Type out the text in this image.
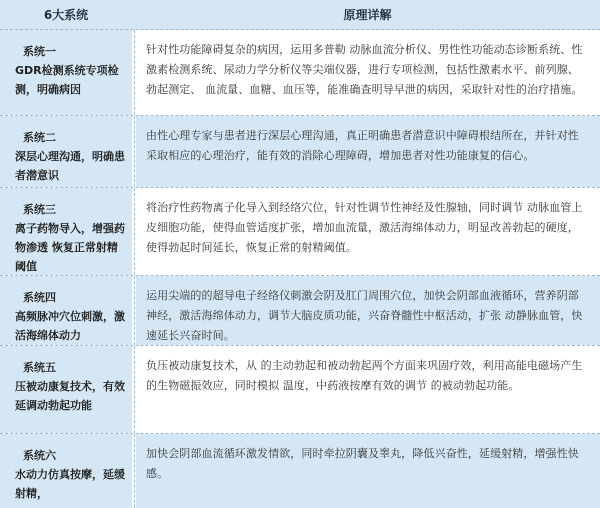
6大系统	原理详解
系统一
GDR检测系统专项检测，明确病因
针对性功能障碍复杂的病因，运用多普勒 动脉血流分析仪、男性性功能动态诊断系统、性激素检测系统、尿动力学分析仪等尖端仪器，进行专项检测，包括性激素水平、前列腺、勃起测定、 血流量、血糖、血压等，能准确查明导早泄的病因，采取针对性的治疗措施。
系统二
深层心理沟通，明确患者潜意识
由性心理专家与患者进行深层心理沟通，真正明确患者潜意识中障碍根结所在，并针对性采取相应的心理治疗，能有效的消除心理障碍，增加患者对性功能康复的信心。
系统三
离子药物导入，增强药物渗透 恢复正常射精阈值
将治疗性药物离子化导入到经络穴位，针对性调节性神经及性腺轴，同时调节 动脉血管上皮细胞功能，使得血管适度扩张，增加血流量，激活海绵体动力，明显改善勃起的硬度，使得勃起时间延长，恢复正常的射精阈值。
系统四
高频脉冲穴位刺激，激活海绵体动力
运用尖端的的超导电子经络仪刺激会阴及肛门周围穴位，加快会阴部血液循环，营养阴部神经，激活海绵体动力，调节大脑皮质功能，兴奋脊髓性中枢活动，扩张 动静脉血管，快速延长兴奋时间。
系统五
压被动康复技术，有效延调动勃起功能
负压被动康复技术，从 的主动勃起和被动勃起两个方面来巩固疗效，利用高能电磁场产生的生物磁振效应，同时模拟 温度，中药液按摩有效的调节 的被动勃起功能。
系统六
水动力仿真按摩，延缓射精，
加快会阴部血流循环激发情欲，同时牵拉阴囊及睾丸，降低兴奋性，延缓射精，增强性快感。
